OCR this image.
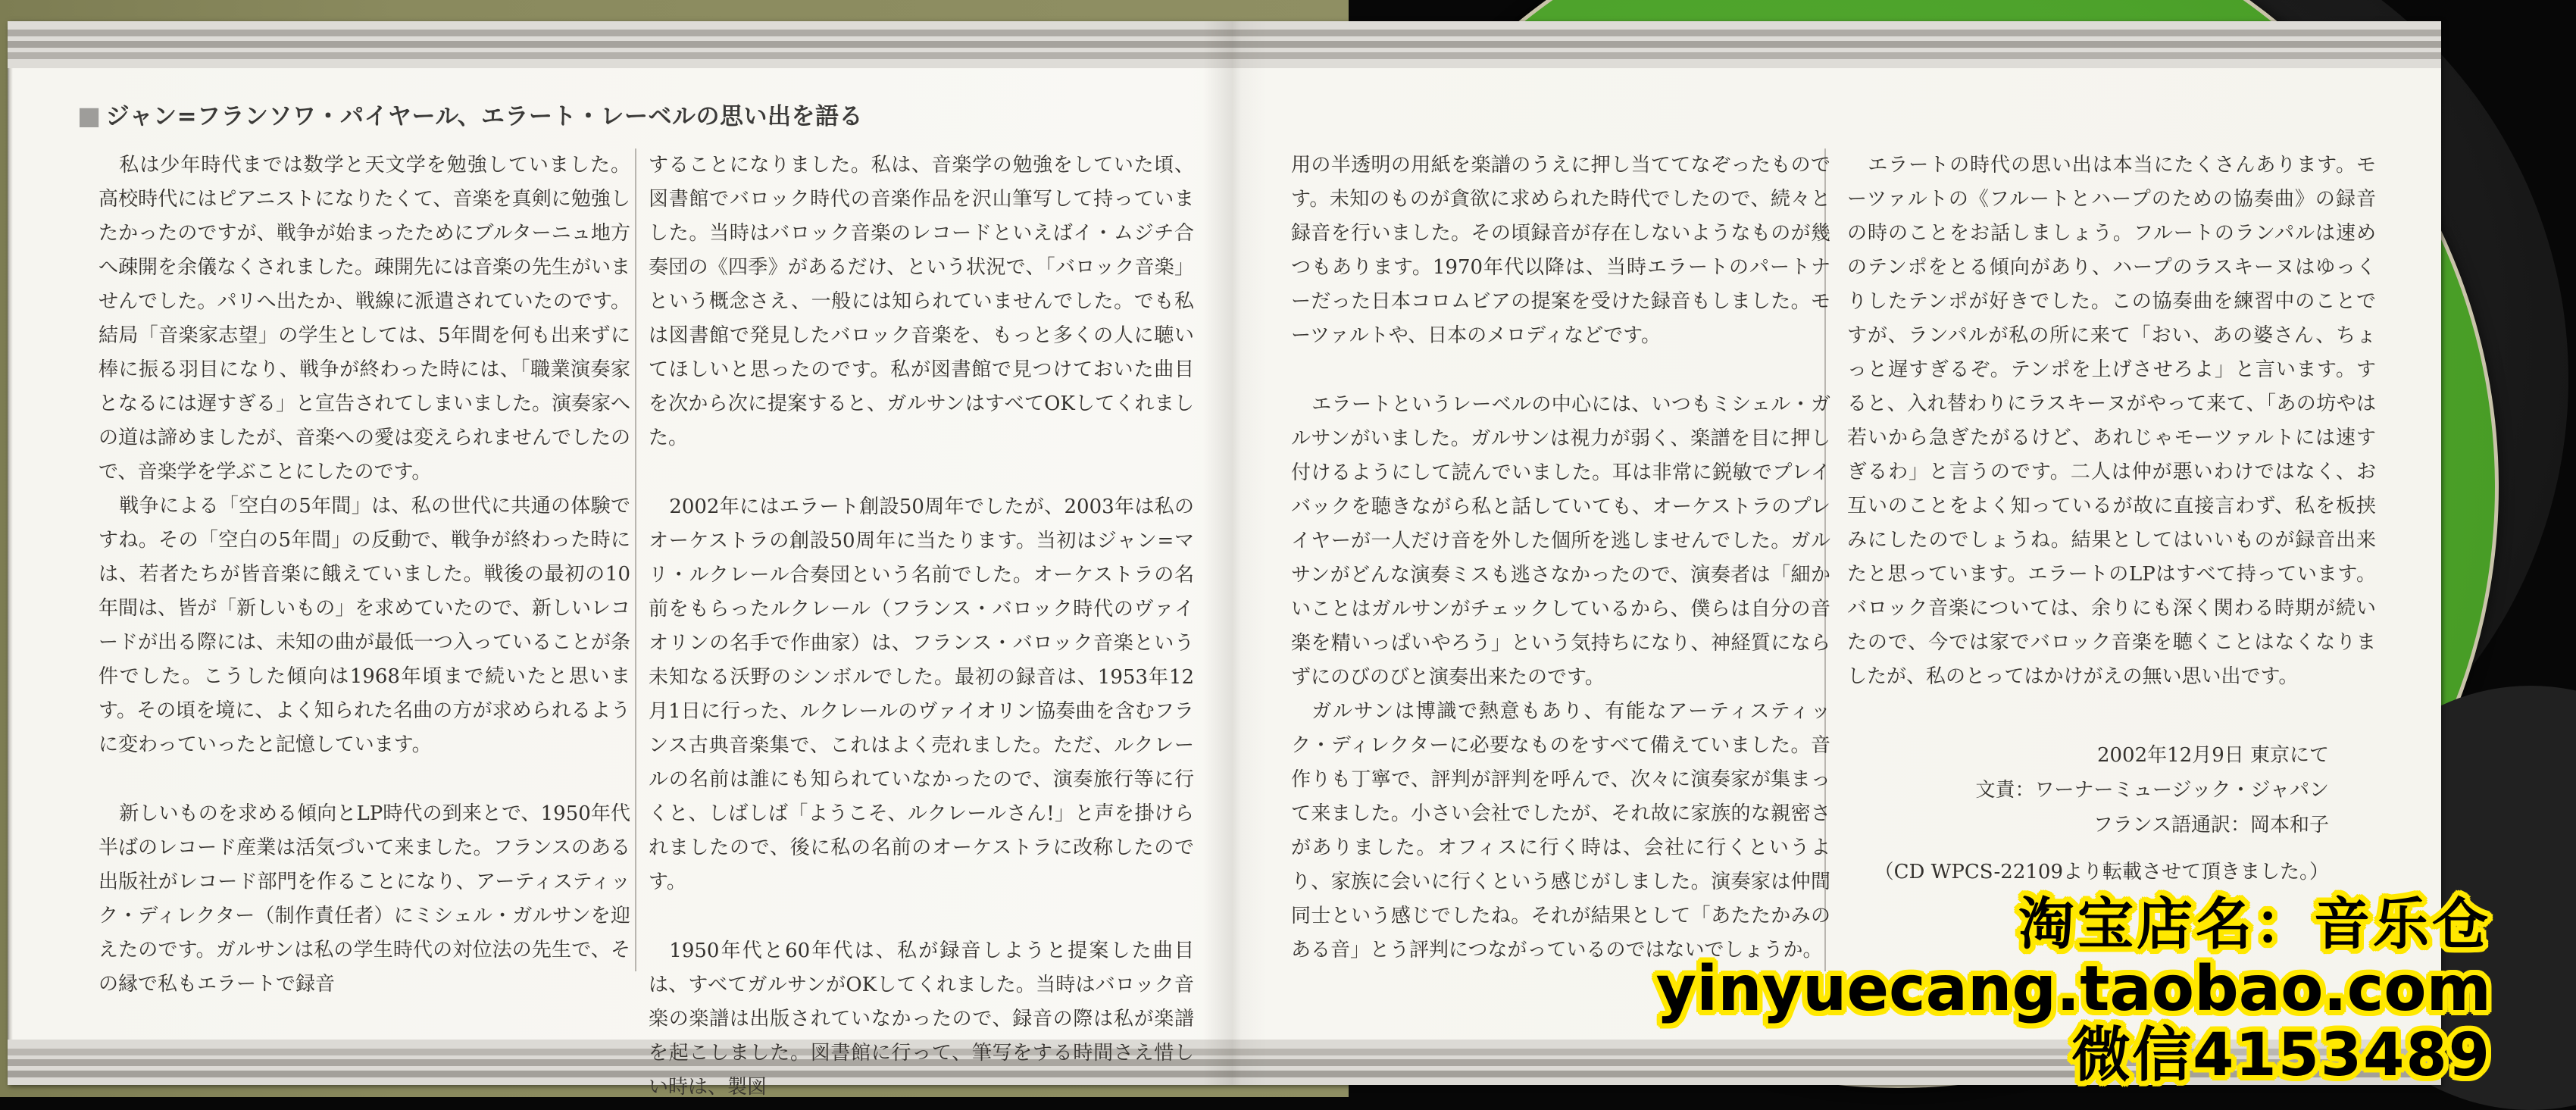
■ ジャン=フランソワ・パイヤール、エラート・レーベルの思い出を語る

私は少年時代までは数学と天文学を勉強していました。高校時代にはピアニストになりたくて、音楽を真剣に勉強したかったのですが、戦争が始まったためにブルターニュ地方へ疎開を余儀なくされました。疎開先には音楽の先生がいませんでした。パリへ出たか、戦線に派遣されていたのです。結局「音楽家志望」の学生としては、5年間を何も出来ずに棒に振る羽目になり、戦争が終わった時には、「職業演奏家となるには遅すぎる」と宣告されてしまいました。演奏家への道は諦めましたが、音楽への愛は変えられませんでしたので、音楽学を学ぶことにしたのです。

戦争による「空白の5年間」は、私の世代に共通の体験ですね。その「空白の5年間」の反動で、戦争が終わった時には、若者たちが皆音楽に餓えていました。戦後の最初の10年間は、皆が「新しいもの」を求めていたので、新しいレコードが出る際には、未知の曲が最低一つ入っていることが条件でした。こうした傾向は1968年頃まで続いたと思います。その頃を境に、よく知られた名曲の方が求められるように変わっていったと記憶しています。

新しいものを求める傾向とLP時代の到来とで、1950年代半ばのレコード産業は活気づいて来ました。フランスのある出版社がレコード部門を作ることになり、アーティスティック・ディレクター（制作責任者）にミシェル・ガルサンを迎えたのです。ガルサンは私の学生時代の対位法の先生で、その縁で私もエラートで録音

することになりました。私は、音楽学の勉強をしていた頃、図書館でバロック時代の音楽作品を沢山筆写して持っていました。当時はバロック音楽のレコードといえばイ・ムジチ合奏団の《四季》があるだけ、という状況で、「バロック音楽」という概念さえ、一般には知られていませんでした。でも私は図書館で発見したバロック音楽を、もっと多くの人に聴いてほしいと思ったのです。私が図書館で見つけておいた曲目を次から次に提案すると、ガルサンはすべてOKしてくれました。

2002年にはエラート創設50周年でしたが、2003年は私のオーケストラの創設50周年に当たります。当初はジャン=マリ・ルクレール合奏団という名前でした。オーケストラの名前をもらったルクレール（フランス・バロック時代のヴァイオリンの名手で作曲家）は、フランス・バロック音楽という未知なる沃野のシンボルでした。最初の録音は、1953年12月1日に行った、ルクレールのヴァイオリン協奏曲を含むフランス古典音楽集で、これはよく売れました。ただ、ルクレールの名前は誰にも知られていなかったので、演奏旅行等に行くと、しばしば「ようこそ、ルクレールさん!」と声を掛けられましたので、後に私の名前のオーケストラに改称したのです。

1950年代と60年代は、私が録音しようと提案した曲目は、すべてガルサンがOKしてくれました。当時はバロック音楽の楽譜は出版されていなかったので、録音の際は私が楽譜を起こしました。図書館に行って、筆写をする時間さえ惜しい時は、製図

用の半透明の用紙を楽譜のうえに押し当ててなぞったものです。未知のものが貪欲に求められた時代でしたので、続々と録音を行いました。その頃録音が存在しないようなものが幾つもあります。1970年代以降は、当時エラートのパートナーだった日本コロムビアの提案を受けた録音もしました。モーツァルトや、日本のメロディなどです。

エラートというレーベルの中心には、いつもミシェル・ガルサンがいました。ガルサンは視力が弱く、楽譜を目に押し付けるようにして読んでいました。耳は非常に鋭敏でプレイバックを聴きながら私と話していても、オーケストラのプレイヤーが一人だけ音を外した個所を逃しませんでした。ガルサンがどんな演奏ミスも逃さなかったので、演奏者は「細かいことはガルサンがチェックしているから、僕らは自分の音楽を精いっぱいやろう」という気持ちになり、神経質にならずにのびのびと演奏出来たのです。

ガルサンは博識で熱意もあり、有能なアーティスティック・ディレクターに必要なものをすべて備えていました。音作りも丁寧で、評判が評判を呼んで、次々に演奏家が集まって来ました。小さい会社でしたが、それ故に家族的な親密さがありました。オフィスに行く時は、会社に行くというより、家族に会いに行くという感じがしました。演奏家は仲間同士という感じでしたね。それが結果として「あたたかみのある音」とう評判につながっているのではないでしょうか。

エラートの時代の思い出は本当にたくさんあります。モーツァルトの《フルートとハープのための協奏曲》の録音の時のことをお話しましょう。フルートのランパルは速めのテンポをとる傾向があり、ハープのラスキーヌはゆっくりしたテンポが好きでした。この協奏曲を練習中のことですが、ランパルが私の所に来て「おい、あの婆さん、ちょっと遅すぎるぞ。テンポを上げさせろよ」と言います。すると、入れ替わりにラスキーヌがやって来て、「あの坊やは若いから急ぎたがるけど、あれじゃモーツァルトには速すぎるわ」と言うのです。二人は仲が悪いわけではなく、お互いのことをよく知っているが故に直接言わず、私を板挟みにしたのでしょうね。結果としてはいいものが録音出来たと思っています。エラートのLPはすべて持っています。バロック音楽については、余りにも深く関わる時期が続いたので、今では家でバロック音楽を聴くことはなくなりましたが、私のとってはかけがえの無い思い出です。

2002年12月9日 東京にて

文責：ワーナーミュージック・ジャパン

フランス語通訳：岡本和子

（CD WPCS-22109より転載させて頂きました。）

淘宝店名：音乐仓

yinyuecang.taobao.com

微信4153489
